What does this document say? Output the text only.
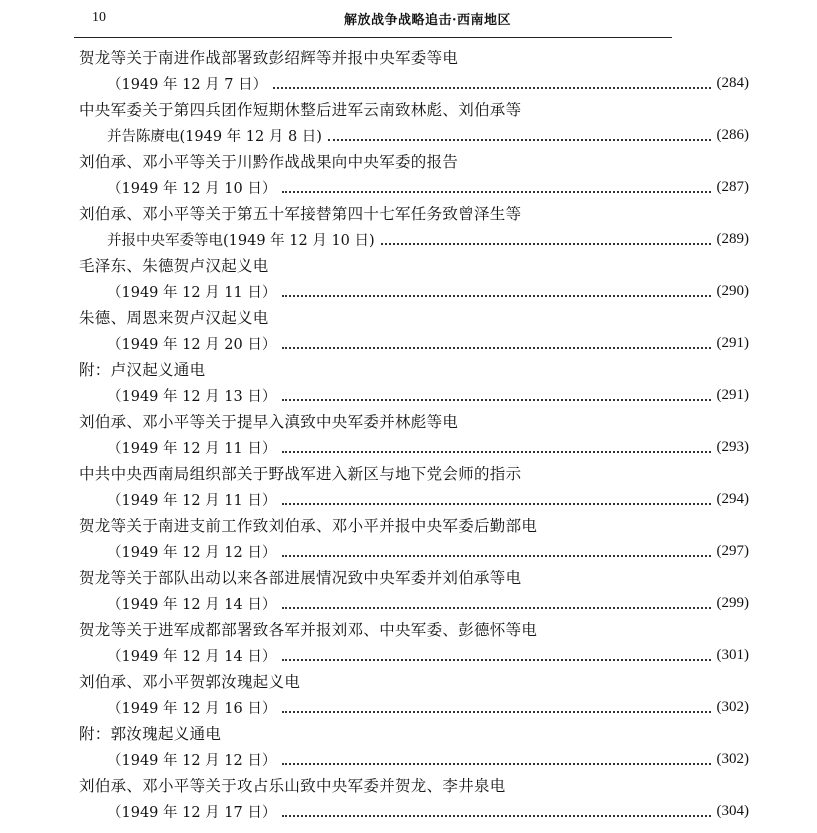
10	解放战争战略追击·西南地区
贺龙等关于南进作战部署致彭绍辉等并报中央军委等电
（1949 年 12 月 7 日）	(284)
中央军委关于第四兵团作短期休整后进军云南致林彪、刘伯承等
并告陈赓电(1949 年 12 月 8 日)	(286)
刘伯承、邓小平等关于川黔作战战果向中央军委的报告
（1949 年 12 月 10 日）	(287)
刘伯承、邓小平等关于第五十军接替第四十七军任务致曾泽生等
并报中央军委等电(1949 年 12 月 10 日)	(289)
毛泽东、朱德贺卢汉起义电
（1949 年 12 月 11 日）	(290)
朱德、周恩来贺卢汉起义电
（1949 年 12 月 20 日）	(291)
附：卢汉起义通电
（1949 年 12 月 13 日）	(291)
刘伯承、邓小平等关于提早入滇致中央军委并林彪等电
（1949 年 12 月 11 日）	(293)
中共中央西南局组织部关于野战军进入新区与地下党会师的指示
（1949 年 12 月 11 日）	(294)
贺龙等关于南进支前工作致刘伯承、邓小平并报中央军委后勤部电
（1949 年 12 月 12 日）	(297)
贺龙等关于部队出动以来各部进展情况致中央军委并刘伯承等电
（1949 年 12 月 14 日）	(299)
贺龙等关于进军成都部署致各军并报刘邓、中央军委、彭德怀等电
（1949 年 12 月 14 日）	(301)
刘伯承、邓小平贺郭汝瑰起义电
（1949 年 12 月 16 日）	(302)
附：郭汝瑰起义通电
（1949 年 12 月 12 日）	(302)
刘伯承、邓小平等关于攻占乐山致中央军委并贺龙、李井泉电
（1949 年 12 月 17 日）	(304)
